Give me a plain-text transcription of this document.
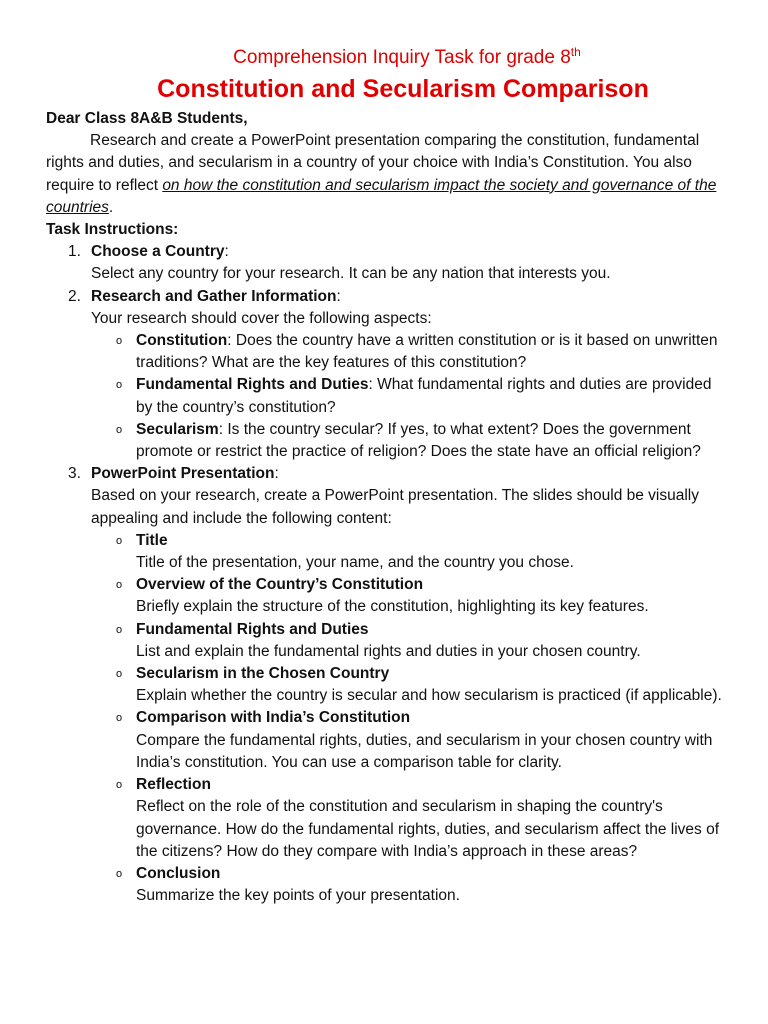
Comprehension Inquiry Task for grade 8th
Constitution and Secularism Comparison

Dear Class 8A&B Students,

Research and create a PowerPoint presentation comparing the constitution, fundamental rights and duties, and secularism in a country of your choice with India’s Constitution. You also require to reflect on how the constitution and secularism impact the society and governance of the countries.

Task Instructions:

1. Choose a Country:
Select any country for your research. It can be any nation that interests you.
2. Research and Gather Information:
Your research should cover the following aspects:
o Constitution: Does the country have a written constitution or is it based on unwritten traditions? What are the key features of this constitution?
o Fundamental Rights and Duties: What fundamental rights and duties are provided by the country’s constitution?
o Secularism: Is the country secular? If yes, to what extent? Does the government promote or restrict the practice of religion? Does the state have an official religion?
3. PowerPoint Presentation:
Based on your research, create a PowerPoint presentation. The slides should be visually appealing and include the following content:
o Title
Title of the presentation, your name, and the country you chose.
o Overview of the Country’s Constitution
Briefly explain the structure of the constitution, highlighting its key features.
o Fundamental Rights and Duties
List and explain the fundamental rights and duties in your chosen country.
o Secularism in the Chosen Country
Explain whether the country is secular and how secularism is practiced (if applicable).
o Comparison with India’s Constitution
Compare the fundamental rights, duties, and secularism in your chosen country with India’s constitution. You can use a comparison table for clarity.
o Reflection
Reflect on the role of the constitution and secularism in shaping the country's governance. How do the fundamental rights, duties, and secularism affect the lives of the citizens? How do they compare with India’s approach in these areas?
o Conclusion
Summarize the key points of your presentation.
